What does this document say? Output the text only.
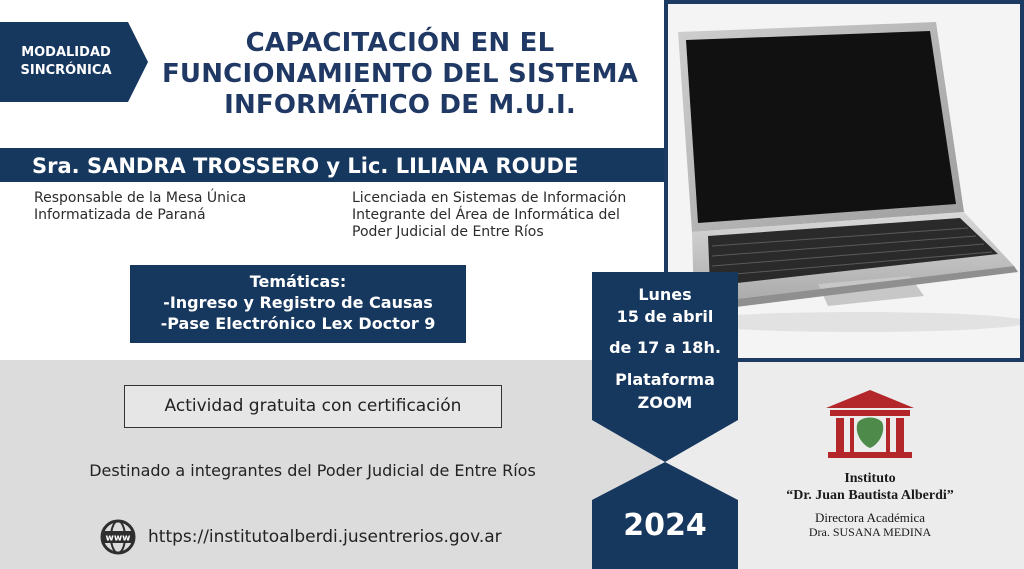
MODALIDAD
SINCRÓNICA
CAPACITACIÓN EN EL
FUNCIONAMIENTO DEL SISTEMA
INFORMÁTICO DE M.U.I.
Sra. SANDRA TROSSERO y Lic. LILIANA ROUDE
Responsable de la Mesa Única
Informatizada de Paraná
Licenciada en Sistemas de Información
Integrante del Área de Informática del
Poder Judicial de Entre Ríos
Temáticas:
-Ingreso y Registro de Causas
-Pase Electrónico Lex Doctor 9
Lunes
15 de abril
de 17 a 18h.
Plataforma
ZOOM
2024
Actividad gratuita con certificación
Destinado a integrantes del Poder Judicial de Entre Ríos
www https://institutoalberdi.jusentrerios.gov.ar
Instituto
“Dr. Juan Bautista Alberdi”
Directora Académica
Dra. SUSANA MEDINA
